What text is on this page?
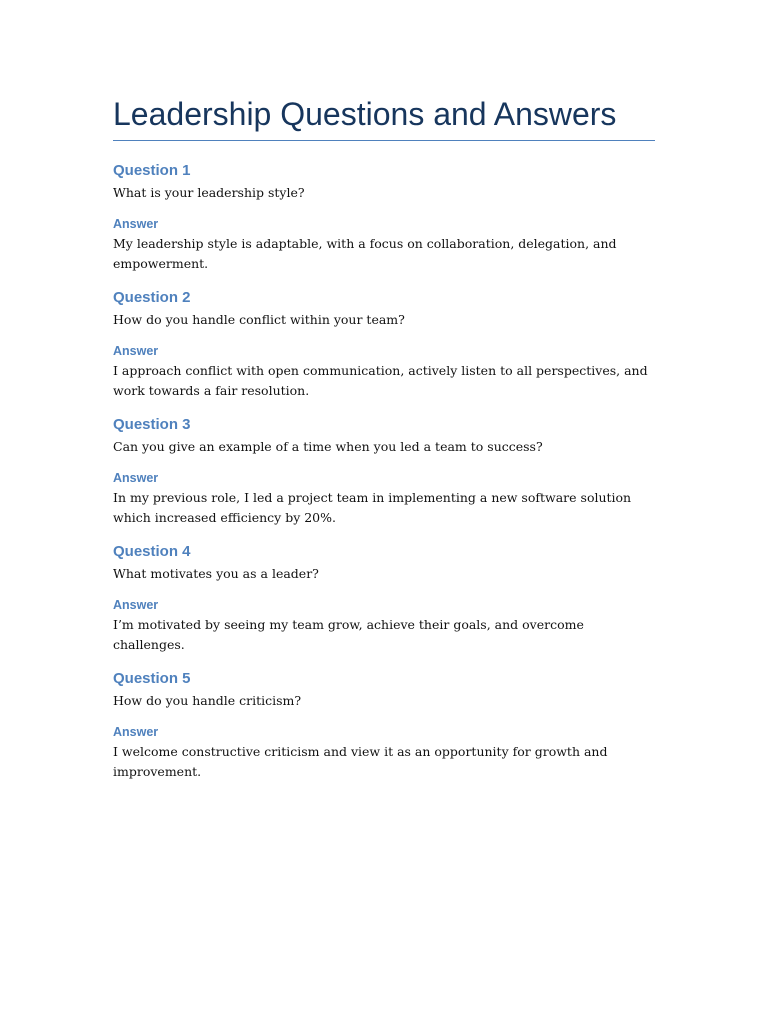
Leadership Questions and Answers
Question 1

What is your leadership style?

Answer

My leadership style is adaptable, with a focus on collaboration, delegation, and empowerment.

Question 2

How do you handle conflict within your team?

Answer

I approach conflict with open communication, actively listen to all perspectives, and work towards a fair resolution.

Question 3

Can you give an example of a time when you led a team to success?

Answer

In my previous role, I led a project team in implementing a new software solution which increased efficiency by 20%.

Question 4

What motivates you as a leader?

Answer

I’m motivated by seeing my team grow, achieve their goals, and overcome challenges.

Question 5

How do you handle criticism?

Answer

I welcome constructive criticism and view it as an opportunity for growth and improvement.
